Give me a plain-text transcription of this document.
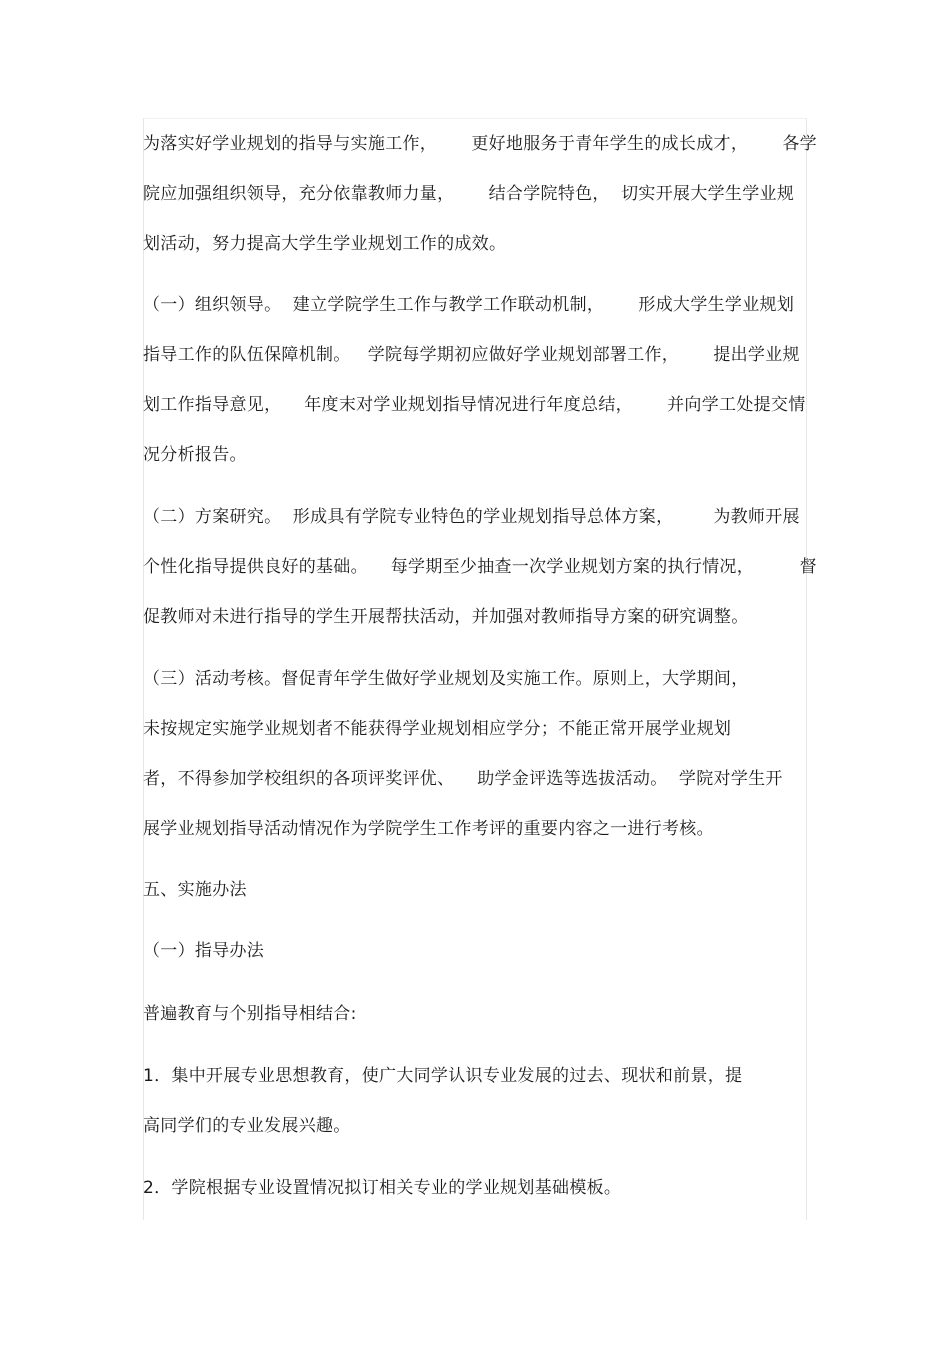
为落实好学业规划的指导与实施工作，      更好地服务于青年学生的成长成才，      各学
院应加强组织领导，充分依靠教师力量，      结合学院特色，  切实开展大学生学业规
划活动，努力提高大学生学业规划工作的成效。
（一）组织领导。  建立学院学生工作与教学工作联动机制，      形成大学生学业规划
指导工作的队伍保障机制。   学院每学期初应做好学业规划部署工作，      提出学业规
划工作指导意见，    年度末对学业规划指导情况进行年度总结，      并向学工处提交情
况分析报告。
（二）方案研究。  形成具有学院专业特色的学业规划指导总体方案，       为教师开展
个性化指导提供良好的基础。    每学期至少抽查一次学业规划方案的执行情况，        督
促教师对未进行指导的学生开展帮扶活动，并加强对教师指导方案的研究调整。
（三）活动考核。督促青年学生做好学业规划及实施工作。原则上，大学期间，
未按规定实施学业规划者不能获得学业规划相应学分；不能正常开展学业规划
者，不得参加学校组织的各项评奖评优、    助学金评选等选拔活动。  学院对学生开
展学业规划指导活动情况作为学院学生工作考评的重要内容之一进行考核。
五、实施办法
（一）指导办法
普遍教育与个别指导相结合:
1．集中开展专业思想教育，使广大同学认识专业发展的过去、现状和前景，提
高同学们的专业发展兴趣。
2．学院根据专业设置情况拟订相关专业的学业规划基础模板。
